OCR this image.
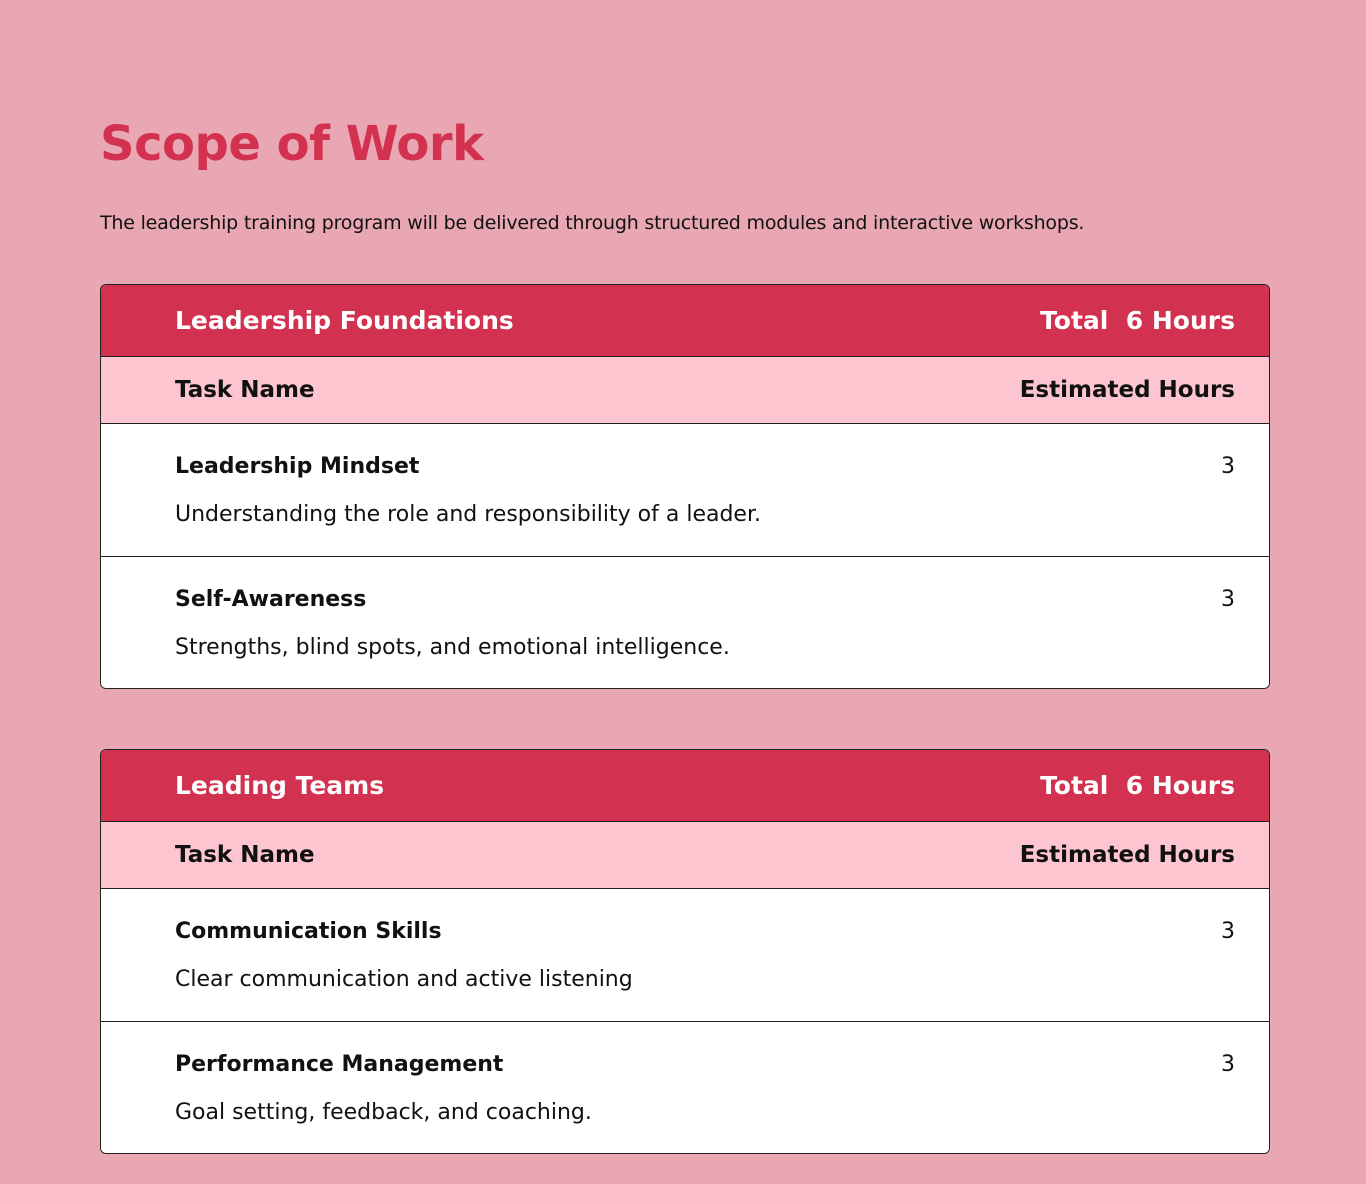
Scope of Work

The leadership training program will be delivered through structured modules and interactive workshops.

Leadership Foundations	Total  6 Hours
Task Name	Estimated Hours
Leadership Mindset	3
Understanding the role and responsibility of a leader.
Self-Awareness	3
Strengths, blind spots, and emotional intelligence.
Leading Teams	Total  6 Hours
Task Name	Estimated Hours
Communication Skills	3
Clear communication and active listening
Performance Management	3
Goal setting, feedback, and coaching.
